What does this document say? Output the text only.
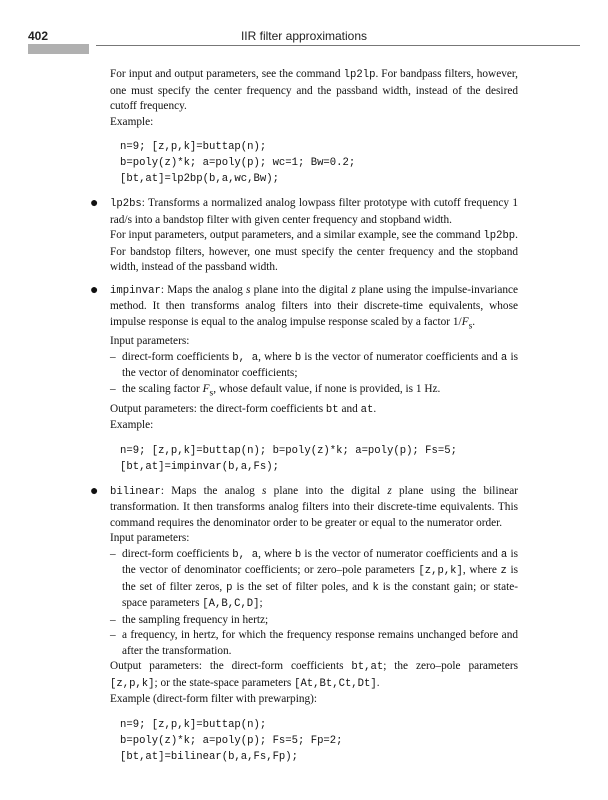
402	IIR filter approximations

For input and output parameters, see the command lp2lp. For bandpass filters, however, one must specify the center frequency and the passband width, instead of the desired cutoff frequency.

Example:

n=9; [z,p,k]=buttap(n);
b=poly(z)*k; a=poly(p); wc=1; Bw=0.2;
[bt,at]=lp2bp(b,a,wc,Bw);
● lp2bs: Transforms a normalized analog lowpass filter prototype with cutoff frequency 1 rad/s into a bandstop filter with given center frequency and stopband width.

For input parameters, output parameters, and a similar example, see the command lp2bp. For bandstop filters, however, one must specify the center frequency and the stopband width, instead of the passband width.

● impinvar: Maps the analog s plane into the digital z plane using the impulse-invariance method. It then transforms analog filters into their discrete-time equivalents, whose impulse response is equal to the analog impulse response scaled by a factor $1/F_s$.

Input parameters:

– direct-form coefficients b, a, where b is the vector of numerator coefficients and a is the vector of denominator coefficients;

– the scaling factor $F_s$, whose default value, if none is provided, is 1 Hz.

Output parameters: the direct-form coefficients bt and at.

Example:

n=9; [z,p,k]=buttap(n); b=poly(z)*k; a=poly(p); Fs=5;
[bt,at]=impinvar(b,a,Fs);
● bilinear: Maps the analog s plane into the digital z plane using the bilinear transformation. It then transforms analog filters into their discrete-time equivalents. This command requires the denominator order to be greater or equal to the numerator order.

Input parameters:

– direct-form coefficients b, a, where b is the vector of numerator coefficients and a is the vector of denominator coefficients; or zero–pole parameters [z,p,k], where z is the set of filter zeros, p is the set of filter poles, and k is the constant gain; or state-space parameters [A,B,C,D];

– the sampling frequency in hertz;

– a frequency, in hertz, for which the frequency response remains unchanged before and after the transformation.

Output parameters: the direct-form coefficients bt,at; the zero–pole parameters [z,p,k]; or the state-space parameters [At,Bt,Ct,Dt].

Example (direct-form filter with prewarping):

n=9; [z,p,k]=buttap(n);
b=poly(z)*k; a=poly(p); Fs=5; Fp=2;
[bt,at]=bilinear(b,a,Fs,Fp);
